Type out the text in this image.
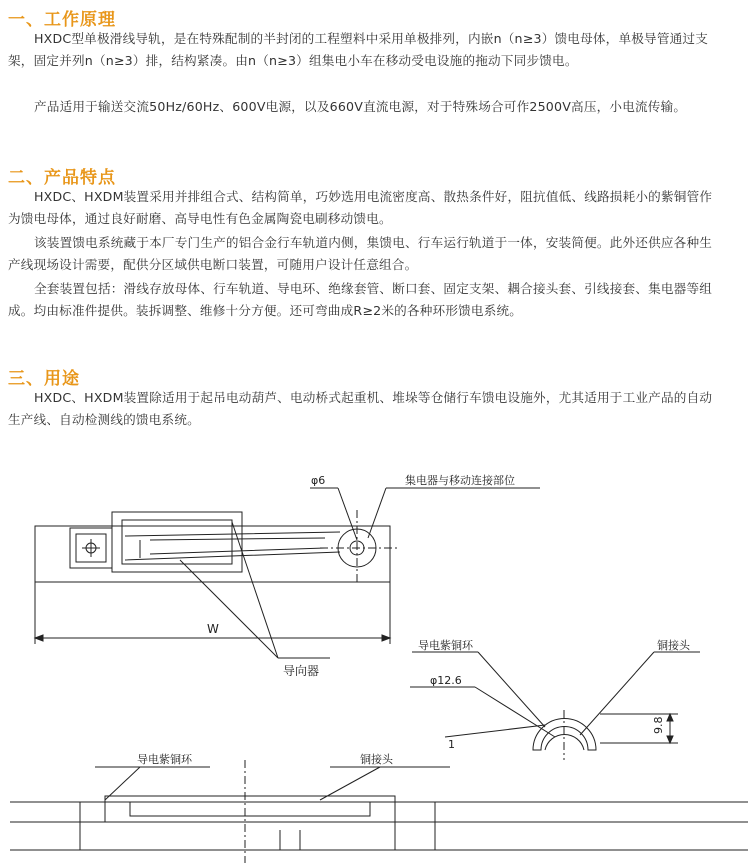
一、工作原理

HXDC型单极滑线导轨，是在特殊配制的半封闭的工程塑料中采用单极排列，内嵌n（n≥3）馈电母体，单极导管通过支架，固定并列n（n≥3）排，结构紧凑。由n（n≥3）组集电小车在移动受电设施的拖动下同步馈电。

产品适用于输送交流50Hz/60Hz、600V电源，以及660V直流电源，对于特殊场合可作2500V高压，小电流传输。

二、产品特点

HXDC、HXDM装置采用并排组合式、结构简单，巧妙选用电流密度高、散热条件好，阻抗值低、线路损耗小的紫铜管作为馈电母体，通过良好耐磨、高导电性有色金属陶瓷电刷移动馈电。

该装置馈电系统藏于本厂专门生产的铝合金行车轨道内侧，集馈电、行车运行轨道于一体，安装简便。此外还供应各种生产线现场设计需要，配供分区域供电断口装置，可随用户设计任意组合。

全套装置包括：滑线存放母体、行车轨道、导电环、绝缘套管、断口套、固定支架、耦合接头套、引线接套、集电器等组成。均由标准件提供。装拆调整、维修十分方便。还可弯曲成R≥2米的各种环形馈电系统。

三、用途

HXDC、HXDM装置除适用于起吊电动葫芦、电动桥式起重机、堆垛等仓储行车馈电设施外，尤其适用于工业产品的自动生产线、自动检测线的馈电系统。

φ6	集电器与移动连接部位
W
导向器
导电紫铜环	铜接头
φ12.6
1
9.8
导电紫铜环	铜接头
